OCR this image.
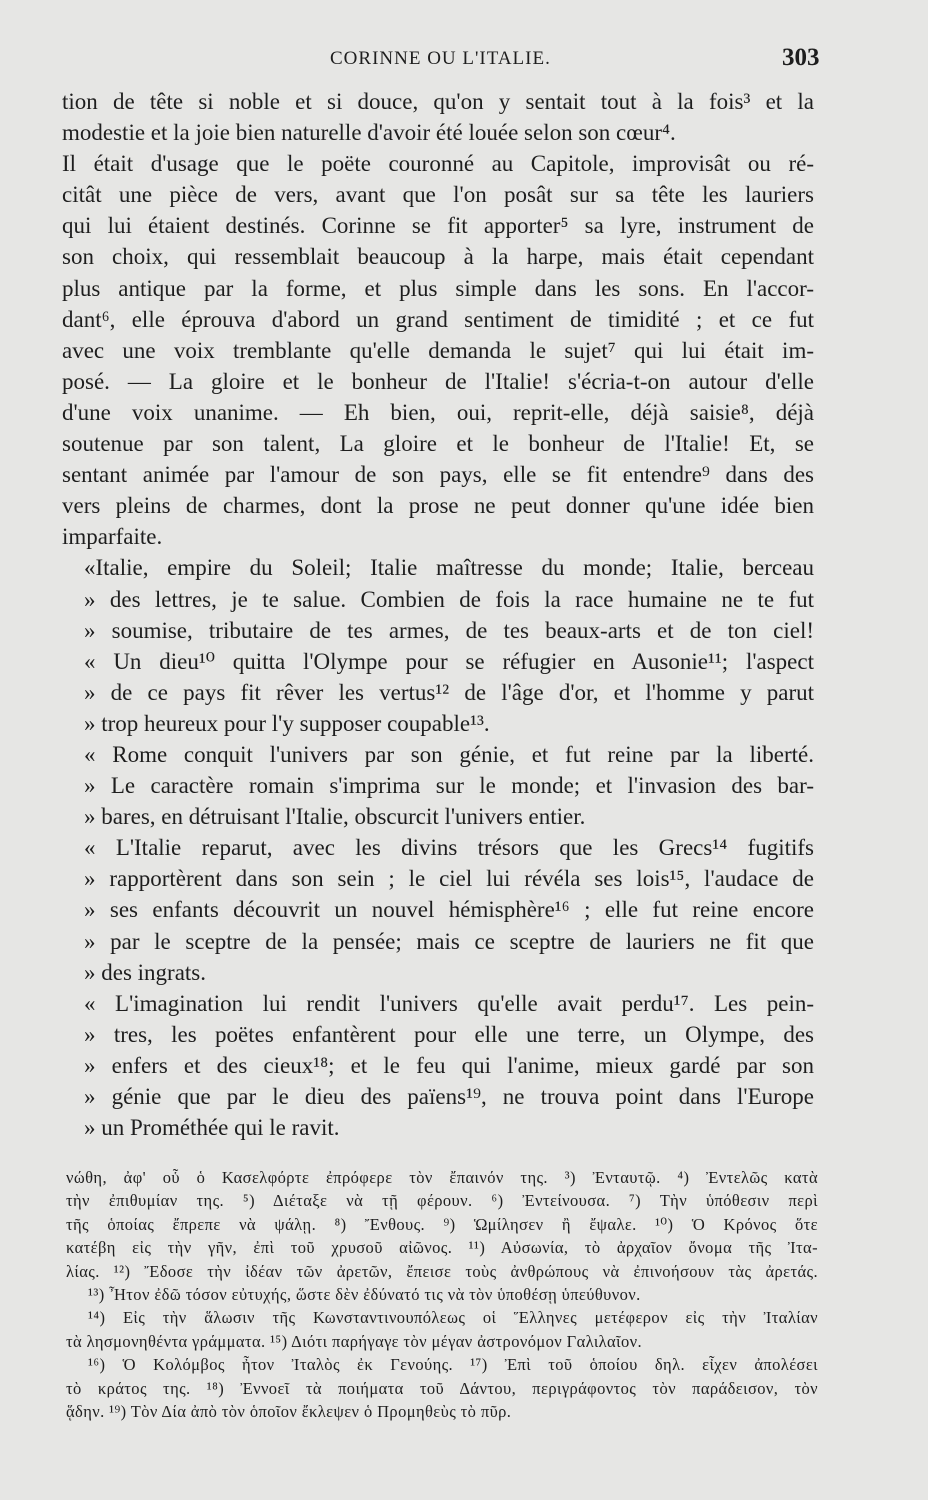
CORINNE OU L'ITALIE.	303
tion de tête si noble et si douce, qu'on y sentait tout à la fois³ et la
modestie et la joie bien naturelle d'avoir été louée selon son cœur⁴.
Il était d'usage que le poëte couronné au Capitole, improvisât ou ré-
citât une pièce de vers, avant que l'on posât sur sa tête les lauriers
qui lui étaient destinés. Corinne se fit apporter⁵ sa lyre, instrument de
son choix, qui ressemblait beaucoup à la harpe, mais était cependant
plus antique par la forme, et plus simple dans les sons. En l'accor-
dant⁶, elle éprouva d'abord un grand sentiment de timidité ; et ce fut
avec une voix tremblante qu'elle demanda le sujet⁷ qui lui était im-
posé. — La gloire et le bonheur de l'Italie! s'écria-t-on autour d'elle
d'une voix unanime. — Eh bien, oui, reprit-elle, déjà saisie⁸, déjà
soutenue par son talent, La gloire et le bonheur de l'Italie! Et, se
sentant animée par l'amour de son pays, elle se fit entendre⁹ dans des
vers pleins de charmes, dont la prose ne peut donner qu'une idée bien
imparfaite.
«Italie, empire du Soleil; Italie maîtresse du monde; Italie, berceau
» des lettres, je te salue. Combien de fois la race humaine ne te fut
» soumise, tributaire de tes armes, de tes beaux-arts et de ton ciel!
« Un dieu¹⁰ quitta l'Olympe pour se réfugier en Ausonie¹¹; l'aspect
» de ce pays fit rêver les vertus¹² de l'âge d'or, et l'homme y parut
» trop heureux pour l'y supposer coupable¹³.
« Rome conquit l'univers par son génie, et fut reine par la liberté.
» Le caractère romain s'imprima sur le monde; et l'invasion des bar-
» bares, en détruisant l'Italie, obscurcit l'univers entier.
« L'Italie reparut, avec les divins trésors que les Grecs¹⁴ fugitifs
» rapportèrent dans son sein ; le ciel lui révéla ses lois¹⁵, l'audace de
» ses enfants découvrit un nouvel hémisphère¹⁶ ; elle fut reine encore
» par le sceptre de la pensée; mais ce sceptre de lauriers ne fit que
» des ingrats.
« L'imagination lui rendit l'univers qu'elle avait perdu¹⁷. Les pein-
» tres, les poëtes enfantèrent pour elle une terre, un Olympe, des
» enfers et des cieux¹⁸; et le feu qui l'anime, mieux gardé par son
» génie que par le dieu des païens¹⁹, ne trouva point dans l'Europe
» un Prométhée qui le ravit.
νώθη, ἀφ' οὗ ὁ Κασελφόρτε ἐπρόφερε τὸν ἔπαινόν της. ³) Ἐνταυτῷ. ⁴) Ἐντελῶς κατὰ
τὴν ἐπιθυμίαν της. ⁵) Διέταξε νὰ τῇ φέρουν. ⁶) Ἐντείνουσα. ⁷) Τὴν ὑπόθεσιν περὶ
τῆς ὁποίας ἔπρεπε νὰ ψάλῃ. ⁸) Ἔνθους. ⁹) Ὡμίλησεν ἢ ἔψαλε. ¹⁰) Ὁ Κρόνος ὅτε
κατέβη εἰς τὴν γῆν, ἐπὶ τοῦ χρυσοῦ αἰῶνος. ¹¹) Αὐσωνία, τὸ ἀρχαῖον ὄνομα τῆς Ἰτα-
λίας. ¹²) Ἔδοσε τὴν ἰδέαν τῶν ἀρετῶν, ἔπεισε τοὺς ἀνθρώπους νὰ ἐπινοήσουν τὰς ἀρετάς.
¹³) Ἦτον ἐδῶ τόσον εὐτυχής, ὥστε δὲν ἐδύνατό τις νὰ τὸν ὑποθέσῃ ὑπεύθυνον.
¹⁴) Εἰς τὴν ἅλωσιν τῆς Κωνσταντινουπόλεως οἱ Ἕλληνες μετέφερον εἰς τὴν Ἰταλίαν
τὰ λησμονηθέντα γράμματα. ¹⁵) Διότι παρήγαγε τὸν μέγαν ἀστρονόμον Γαλιλαῖον.
¹⁶) Ὁ Κολόμβος ἦτον Ἰταλὸς ἐκ Γενούης. ¹⁷) Ἐπὶ τοῦ ὁποίου δηλ. εἶχεν ἀπολέσει
τὸ κράτος της. ¹⁸) Ἐννοεῖ τὰ ποιήματα τοῦ Δάντου, περιγράφοντος τὸν παράδεισον, τὸν
ᾅδην. ¹⁹) Τὸν Δία ἀπὸ τὸν ὁποῖον ἔκλεψεν ὁ Προμηθεὺς τὸ πῦρ.
